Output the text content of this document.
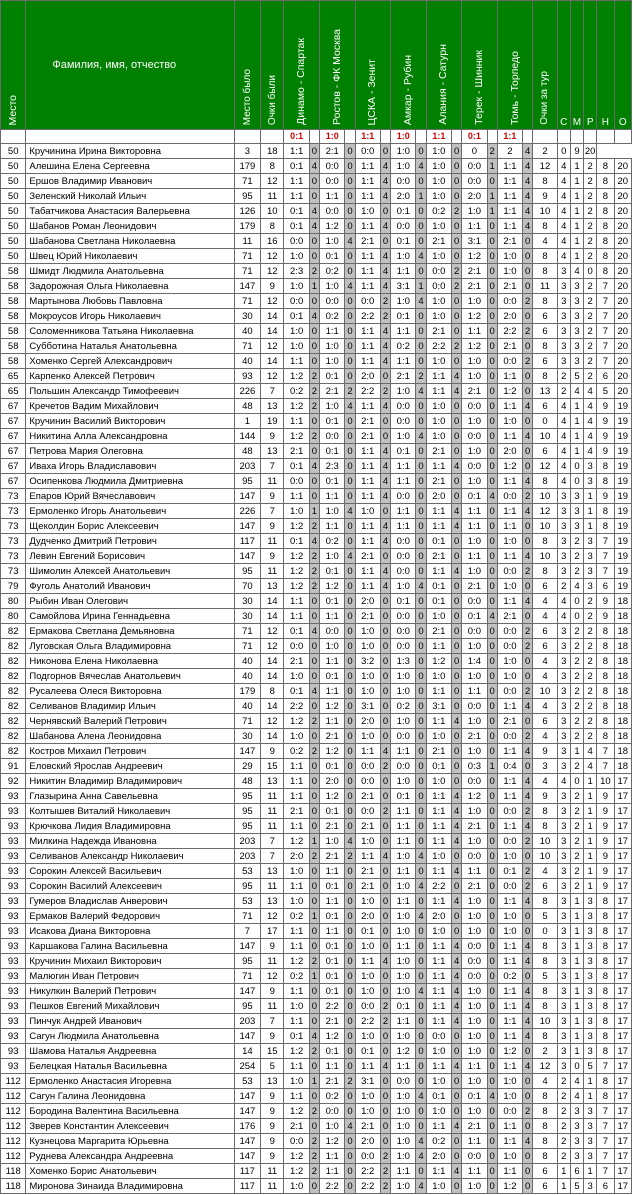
Место	Фамилия, имя, отчество	Место было	Очки были	Динамо - Спартак		Ростов - ФК Москва		ЦСКА - Зенит		Амкар - Рубин		Алания - Сатурн		Терек - Шинник		Томь - Торпедо		Очки за тур	С	М	Р	Н	О
				0:1		1:0		1:1		1:0		1:1		0:1		1:1							
50	Кручинина Ирина Викторовна	3	18	1:1	0	2:1	0	0:0	0	1:0	0	1:0	0	0	2	2	4	2	0	9	20		
50	Алешина Елена Сергеевна	179	8	0:1	4	0:0	0	1:1	4	1:0	4	1:0	0	0:0	1	1:1	4	12	4	1	2	8	20
50	Ершов Владимир Иванович	71	12	1:1	0	0:0	0	1:1	4	0:0	0	1:0	0	0:0	0	1:1	4	8	4	1	2	8	20
50	Зеленский Николай Ильич	95	11	1:1	0	1:1	0	1:1	4	2:0	1	1:0	0	2:0	1	1:1	4	9	4	1	2	8	20
50	Табатчикова Анастасия Валерьевна	126	10	0:1	4	0:0	0	1:0	0	0:1	0	0:2	2	1:0	1	1:1	4	10	4	1	2	8	20
50	Шабанов Роман Леонидович	179	8	0:1	4	1:2	0	1:1	4	0:0	0	1:0	0	1:1	0	1:1	4	8	4	1	2	8	20
50	Шабанова Светлана Николаевна	11	16	0:0	0	1:0	4	2:1	0	0:1	0	2:1	0	3:1	0	2:1	0	4	4	1	2	8	20
50	Швец Юрий Николаевич	71	12	1:0	0	0:1	0	1:1	4	1:0	4	1:0	0	1:2	0	1:0	0	8	4	1	2	8	20
58	Шмидт Людмила Анатольевна	71	12	2:3	2	0:2	0	1:1	4	1:1	0	0:0	2	2:1	0	1:0	0	8	3	4	0	8	20
58	Задорожная Ольга Николаевна	147	9	1:0	1	1:0	4	1:1	4	3:1	1	0:0	2	2:1	0	2:1	0	11	3	3	2	7	20
58	Мартынова Любовь Павловна	71	12	0:0	0	0:0	0	0:0	2	1:0	4	1:0	0	1:0	0	0:0	2	8	3	3	2	7	20
58	Мокроусов Игорь Николаевич	30	14	0:1	4	0:2	0	2:2	2	0:1	0	1:0	0	1:2	0	2:0	0	6	3	3	2	7	20
58	Соломенникова Татьяна Николаевна	40	14	1:0	0	1:1	0	1:1	4	1:1	0	2:1	0	1:1	0	2:2	2	6	3	3	2	7	20
58	Субботина Наталья Анатольевна	71	12	1:0	0	1:0	0	1:1	4	0:2	0	2:2	2	1:2	0	2:1	0	8	3	3	2	7	20
58	Хоменко Сергей Александрович	40	14	1:1	0	1:0	0	1:1	4	1:1	0	1:0	0	1:0	0	0:0	2	6	3	3	2	7	20
65	Карпенко Алексей Петрович	93	12	1:2	2	0:1	0	2:0	0	2:1	2	1:1	4	1:0	0	1:1	0	8	2	5	2	6	20
65	Польшин Александр Тимофеевич	226	7	0:2	2	2:1	2	2:2	2	1:0	4	1:1	4	2:1	0	1:2	0	13	2	4	4	5	20
67	Кречетов Вадим Михайлович	48	13	1:2	2	1:0	4	1:1	4	0:0	0	1:0	0	0:0	0	1:1	4	6	4	1	4	9	19
67	Кручинин Василий Викторович	1	19	1:1	0	0:1	0	2:1	0	0:0	0	1:0	0	1:0	0	1:0	0	0	4	1	4	9	19
67	Никитина Алла Александровна	144	9	1:2	2	0:0	0	2:1	0	1:0	4	1:0	0	0:0	0	1:1	4	10	4	1	4	9	19
67	Петрова Мария Олеговна	48	13	2:1	0	0:1	0	1:1	4	0:1	0	2:1	0	1:0	0	2:0	0	6	4	1	4	9	19
67	Иваха Игорь Владиславович	203	7	0:1	4	2:3	0	1:1	4	1:1	0	1:1	4	0:0	0	1:2	0	12	4	0	3	8	19
67	Осипенкова Людмила Дмитриевна	95	11	0:0	0	0:1	0	1:1	4	1:1	0	2:1	0	1:0	0	1:1	4	8	4	0	3	8	19
73	Епаров Юрий Вячеславович	147	9	1:1	0	1:1	0	1:1	4	0:0	0	2:0	0	0:1	4	0:0	2	10	3	3	1	9	19
73	Ермоленко Игорь Анатольевич	226	7	1:0	1	1:0	4	1:0	0	1:1	0	1:1	4	1:1	0	1:1	4	12	3	3	1	8	19
73	Щеколдин Борис Алексеевич	147	9	1:2	2	1:1	0	1:1	4	1:1	0	1:1	4	1:1	0	1:1	0	10	3	3	1	8	19
73	Дудченко Дмитрий Петрович	117	11	0:1	4	0:2	0	1:1	4	0:0	0	0:1	0	1:0	0	1:0	0	8	3	2	3	7	19
73	Левин Евгений Борисович	147	9	1:2	2	1:0	4	2:1	0	0:0	0	2:1	0	1:1	0	1:1	4	10	3	2	3	7	19
73	Шимолин Алексей Анатольевич	95	11	1:2	2	0:1	0	1:1	4	0:0	0	1:1	4	1:0	0	0:0	2	8	3	2	3	7	19
79	Фуголь Анатолий Иванович	70	13	1:2	2	1:2	0	1:1	4	1:0	4	0:1	0	2:1	0	1:0	0	6	2	4	3	6	19
80	Рыбин Иван Олегович	30	14	1:1	0	0:1	0	2:0	0	0:1	0	0:1	0	0:0	0	1:1	4	4	4	0	2	9	18
80	Самойлова Ирина Геннадьевна	30	14	1:1	0	1:1	0	2:1	0	0:0	0	1:0	0	0:1	4	2:1	0	4	4	0	2	9	18
82	Ермакова Светлана Демьяновна	71	12	0:1	4	0:0	0	1:0	0	0:0	0	2:1	0	0:0	0	0:0	2	6	3	2	2	8	18
82	Луговская Ольга Владимировна	71	12	0:0	0	1:0	0	1:0	0	0:0	0	1:1	0	1:0	0	0:0	2	6	3	2	2	8	18
82	Никонова Елена Николаевна	40	14	2:1	0	1:1	0	3:2	0	1:3	0	1:2	0	1:4	0	1:0	0	4	3	2	2	8	18
82	Подгорнов Вячеслав Анатольевич	40	14	1:0	0	0:1	0	1:0	0	1:0	0	1:0	0	1:0	0	1:0	0	4	3	2	2	8	18
82	Русалеева Олеся Викторовна	179	8	0:1	4	1:1	0	1:0	0	1:0	0	1:1	0	1:1	0	0:0	2	10	3	2	2	8	18
82	Селиванов Владимир Ильич	40	14	2:2	0	1:2	0	3:1	0	0:2	0	3:1	0	0:0	0	1:1	4	4	3	2	2	8	18
82	Чернявский Валерий Петрович	71	12	1:2	2	1:1	0	2:0	0	1:0	0	1:1	4	1:0	0	2:1	0	6	3	2	2	8	18
82	Шабанова Алена Леонидовна	30	14	1:0	0	2:1	0	1:0	0	0:0	0	1:0	0	2:1	0	0:0	2	4	3	2	2	8	18
82	Костров Михаил Петрович	147	9	0:2	2	1:2	0	1:1	4	1:1	0	2:1	0	1:0	0	1:1	4	9	3	1	4	7	18
91	Еловский Ярослав Андреевич	29	15	1:1	0	0:1	0	0:0	2	0:0	0	0:1	0	0:3	1	0:4	0	3	3	2	4	7	18
92	Никитин Владимир Владимирович	48	13	1:1	0	2:0	0	0:0	0	1:0	0	1:0	0	0:0	0	1:1	4	4	4	0	1	10	17
93	Глазырина Анна Савельевна	95	11	1:1	0	1:2	0	2:1	0	0:1	0	1:1	4	1:2	0	1:1	4	9	3	2	1	9	17
93	Колтышев Виталий Николаевич	95	11	2:1	0	0:1	0	0:0	2	1:1	0	1:1	4	1:0	0	0:0	2	8	3	2	1	9	17
93	Крючкова Лидия Владимировна	95	11	1:1	0	2:1	0	2:1	0	1:1	0	1:1	4	2:1	0	1:1	4	8	3	2	1	9	17
93	Милкина Надежда Ивановна	203	7	1:2	1	1:0	4	1:0	0	1:1	0	1:1	4	1:0	0	0:0	2	10	3	2	1	9	17
93	Селиванов Александр Николаевич	203	7	2:0	2	2:1	2	1:1	4	1:0	4	1:0	0	0:0	0	1:0	0	10	3	2	1	9	17
93	Сорокин Алексей Васильевич	53	13	1:0	0	1:1	0	2:1	0	1:1	0	1:1	4	1:1	0	0:1	2	4	3	2	1	9	17
93	Сорокин Василий Алексеевич	95	11	1:1	0	0:1	0	2:1	0	1:0	4	2:2	0	2:1	0	0:0	2	6	3	2	1	9	17
93	Гумеров Владислав Анверович	53	13	1:0	0	1:1	0	1:0	0	1:1	0	1:1	4	1:0	0	1:1	4	8	3	1	3	8	17
93	Ермаков Валерий Федорович	71	12	0:2	1	0:1	0	2:0	0	1:0	4	2:0	0	1:0	0	1:0	0	5	3	1	3	8	17
93	Исакова Диана Викторовна	7	17	1:1	0	1:1	0	0:1	0	1:0	0	1:0	0	1:0	0	1:0	0	0	3	1	3	8	17
93	Каршакова Галина Васильевна	147	9	1:1	0	0:1	0	1:0	0	1:1	0	1:1	4	0:0	0	1:1	4	8	3	1	3	8	17
93	Кручинин Михаил Викторович	95	11	1:2	2	0:1	0	1:1	4	1:0	0	1:1	4	0:0	0	1:1	4	8	3	1	3	8	17
93	Малюгин Иван Петрович	71	12	0:2	1	0:1	0	1:0	0	1:0	0	1:1	4	0:0	0	0:2	0	5	3	1	3	8	17
93	Никулкин Валерий Петрович	147	9	1:1	0	0:1	0	1:0	0	1:0	4	1:1	4	1:0	0	1:1	4	8	3	1	3	8	17
93	Пешков Евгений Михайлович	95	11	1:0	0	2:2	0	0:0	2	0:1	0	1:1	4	1:0	0	1:1	4	8	3	1	3	8	17
93	Пинчук Андрей Иванович	203	7	1:1	0	2:1	0	2:2	2	1:1	0	1:1	4	1:0	0	1:1	4	10	3	1	3	8	17
93	Сагун Людмила Анатольевна	147	9	0:1	4	1:2	0	1:0	0	1:0	0	0:0	0	1:0	0	1:1	4	8	3	1	3	8	17
93	Шамова Наталья Андреевна	14	15	1:2	2	0:1	0	0:1	0	1:2	0	1:0	0	1:0	0	1:2	0	2	3	1	3	8	17
93	Белецкая Наталья Васильевна	254	5	1:1	0	1:1	0	1:1	4	1:1	0	1:1	4	1:1	0	1:1	4	12	3	0	5	7	17
112	Ермоленко Анастасия Игоревна	53	13	1:0	1	2:1	2	3:1	0	0:0	0	1:0	0	1:0	0	1:0	0	4	2	4	1	8	17
112	Сагун Галина Леонидовна	147	9	1:1	0	0:2	0	1:0	0	1:0	4	0:1	0	0:1	4	1:0	0	8	2	4	1	8	17
112	Бородина Валентина Васильевна	147	9	1:2	2	0:0	0	1:0	0	1:0	0	1:0	0	1:0	0	0:0	2	8	2	3	3	7	17
112	Зверев Константин Алексеевич	176	9	2:1	0	1:0	4	2:1	0	1:0	0	1:1	4	2:1	0	1:1	0	8	2	3	3	7	17
112	Кузнецова Маргарита Юрьевна	147	9	0:0	2	1:2	0	2:0	0	1:0	4	0:2	0	1:1	0	1:1	4	8	2	3	3	7	17
112	Руднева Александра Андреевна	147	9	1:2	2	1:1	0	0:0	2	1:0	4	2:0	0	0:0	0	1:0	0	8	2	3	3	7	17
118	Хоменко Борис Анатольевич	117	11	1:2	2	1:1	0	2:2	2	1:1	0	1:1	4	1:1	0	1:1	0	6	1	6	1	7	17
118	Миронова Зинаида Владимировна	117	11	1:0	0	2:2	0	2:2	2	1:0	4	1:0	0	1:0	0	1:2	0	6	1	5	3	6	17
